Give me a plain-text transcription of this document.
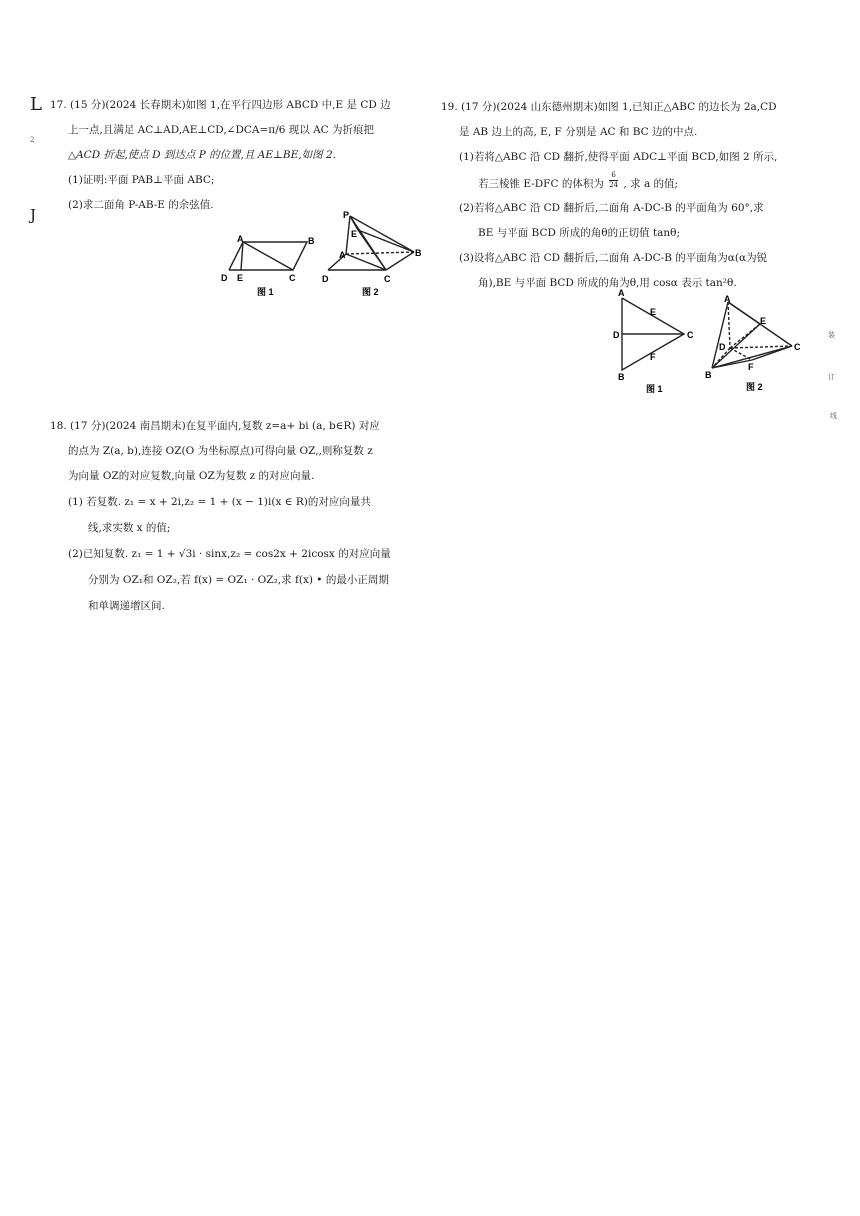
L
2
J
装
订
线
17. (15 分)(2024 长春期末)如图 1,在平行四边形 ABCD 中,E 是 CD 边
上一点,且满足 AC⊥AD,AE⊥CD,∠DCA=π/6 现以 AC 为折痕把
△ACD 折起,使点 D 到达点 P 的位置,且 AE⊥BE,如图 2.
(1)证明:平面 PAB⊥平面 ABC;
(2)求二面角 P-AB-E 的余弦值.
A	B
C
D E
图 1
P
E
A	B
C
D
图 2
18. (17 分)(2024 南昌期末)在复平面内,复数 z=a+ bi (a, b∈R) 对应
的点为 Z(a, b),连接 OZ(O 为坐标原点)可得向量 OZ,,则称复数 z
为向量 OZ的对应复数,向量 OZ为复数 z 的对应向量.
(1) 若复数. z₁ = x + 2i,z₂ = 1 + (x − 1)i(x ∈ R)的对应向量共
线,求实数 x 的值;
(2)已知复数. z₁ = 1 + √3i · sinx,z₂ = cos2x + 2icosx 的对应向量
分别为 OZ₁和 OZ₂,若 f(x) = OZ₁ · OZ₂,求 f(x) • 的最小正周期
和单调递增区间.
19. (17 分)(2024 山东德州期末)如图 1,已知正△ABC 的边长为 2a,CD
是 AB 边上的高, E, F 分别是 AC 和 BC 边的中点.
(1)若将△ABC 沿 CD 翻折,使得平面 ADC⊥平面 BCD,如图 2 所示,
若三棱锥 E-DFC 的体积为 $\frac{6}{24}$ , 求 a 的值;
(2)若将△ABC 沿 CD 翻折后,二面角 A-DC-B 的平面角为 60°,求
BE 与平面 BCD 所成的角θ的正切值 tanθ;
(3)设将△ABC 沿 CD 翻折后,二面角 A-DC-B 的平面角为α(α为锐
角),BE 与平面 BCD 所成的角为θ,用 cosα 表示 tan²θ.
A
E
D	C
F
B
图 1
A
E
D	C
F
B
图 2
